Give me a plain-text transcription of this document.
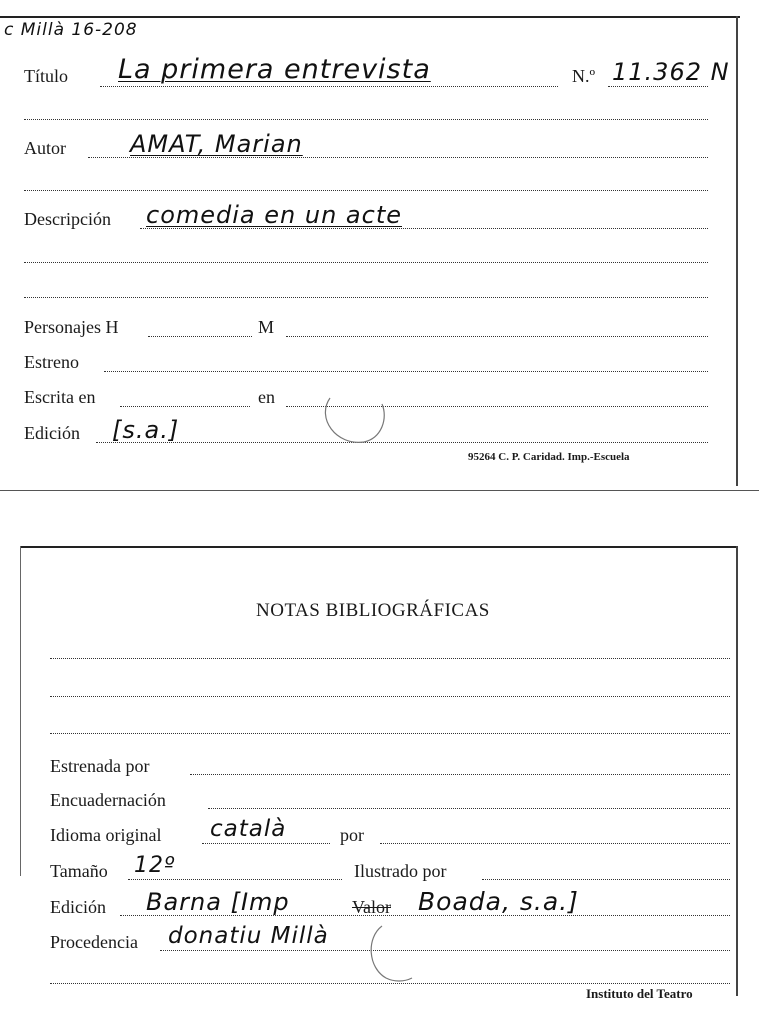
c Millà 16-208
Título La primera entrevista	N.º 11.362 N
Autor	AMAT, Marian
Descripción comedia en un acte
Personajes H	M
Estreno
Escrita en	en
Edición [s.a.]
95264 C. P. Caridad. Imp.-Escuela
NOTAS BIBLIOGRÁFICAS
Estrenada por
Encuadernación
Idioma original català	por
Tamaño 12º	Ilustrado por
Edición Barna [Imp	Valor Boada, s.a.]
Procedencia donatiu Millà
Instituto del Teatro
